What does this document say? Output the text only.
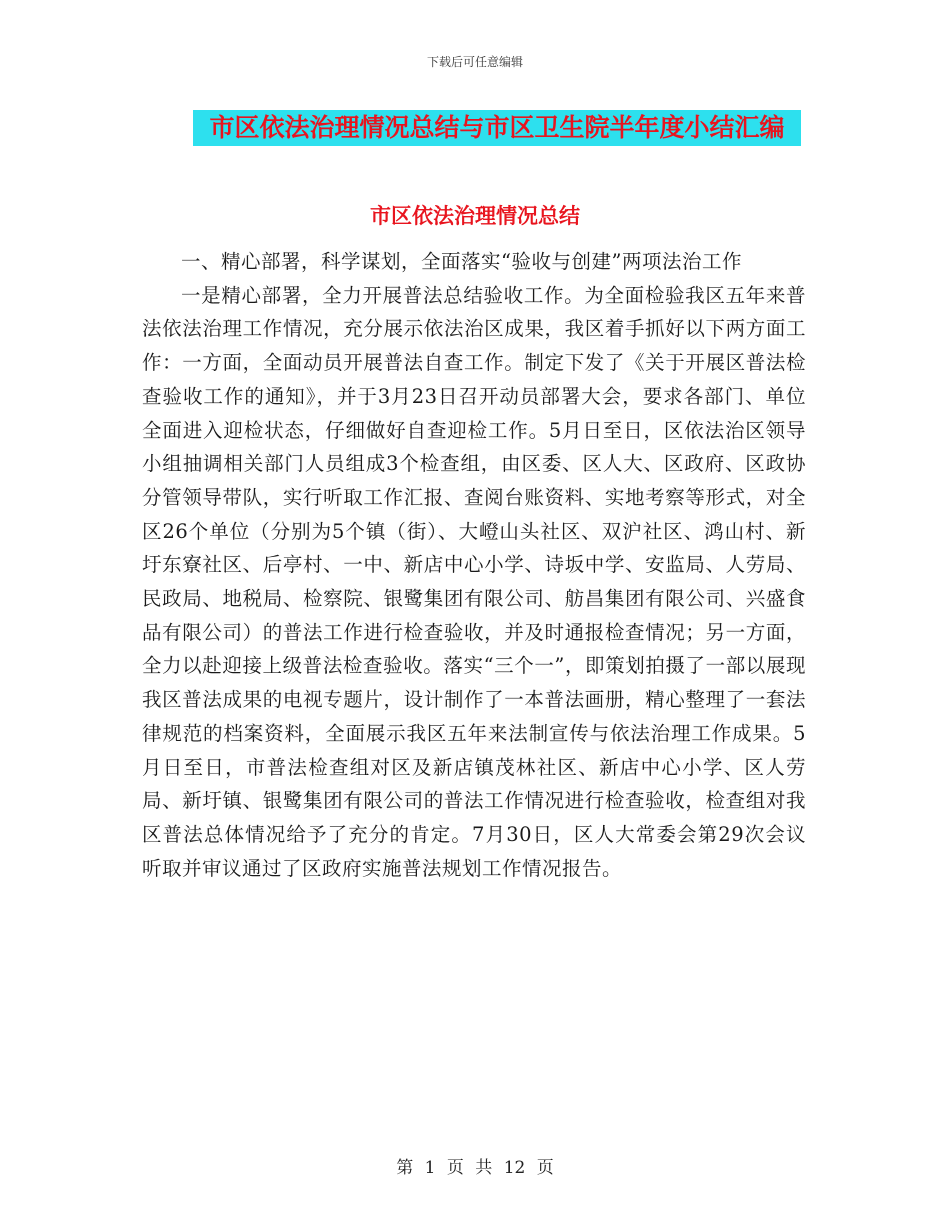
下载后可任意编辑
市区依法治理情况总结与市区卫生院半年度小结汇编
市区依法治理情况总结

一、精心部署，科学谋划，全面落实“验收与创建”两项法治工作

一是精心部署，全力开展普法总结验收工作。为全面检验我区五年来普法依法治理工作情况，充分展示依法治区成果，我区着手抓好以下两方面工作：一方面，全面动员开展普法自查工作。制定下发了《关于开展区普法检查验收工作的通知》，并于3月23日召开动员部署大会，要求各部门、单位全面进入迎检状态，仔细做好自查迎检工作。5月日至日，区依法治区领导小组抽调相关部门人员组成3个检查组，由区委、区人大、区政府、区政协分管领导带队，实行听取工作汇报、查阅台账资料、实地考察等形式，对全区26个单位（分别为5个镇（街）、大嶝山头社区、双沪社区、鸿山村、新圩东寮社区、后亭村、一中、新店中心小学、诗坂中学、安监局、人劳局、民政局、地税局、检察院、银鹭集团有限公司、舫昌集团有限公司、兴盛食品有限公司）的普法工作进行检查验收，并及时通报检查情况；另一方面，全力以赴迎接上级普法检查验收。落实“三个一”，即策划拍摄了一部以展现我区普法成果的电视专题片，设计制作了一本普法画册，精心整理了一套法律规范的档案资料，全面展示我区五年来法制宣传与依法治理工作成果。5月日至日，市普法检查组对区及新店镇茂林社区、新店中心小学、区人劳局、新圩镇、银鹭集团有限公司的普法工作情况进行检查验收，检查组对我区普法总体情况给予了充分的肯定。7月30日，区人大常委会第29次会议听取并审议通过了区政府实施普法规划工作情况报告。

第 1 页 共 12 页
